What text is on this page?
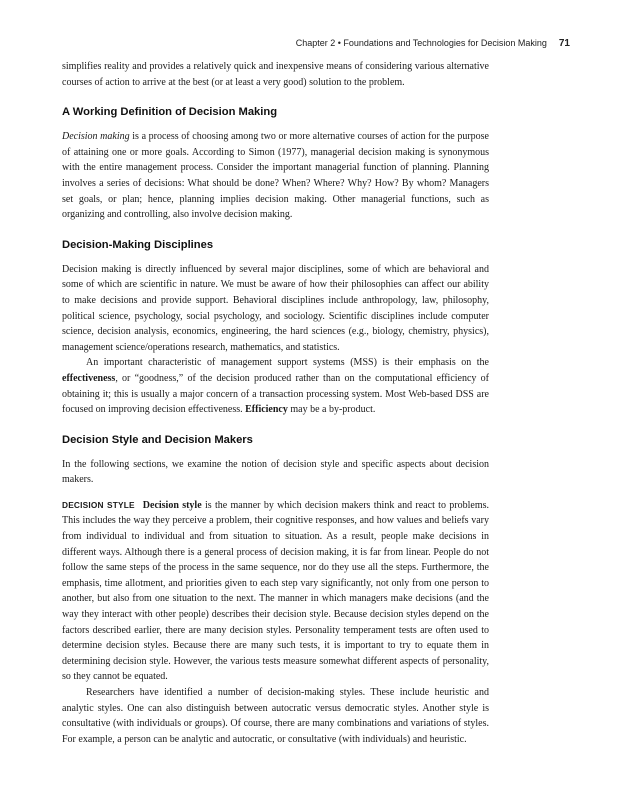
Chapter 2 • Foundations and Technologies for Decision Making 71

simplifies reality and provides a relatively quick and inexpensive means of considering various alternative courses of action to arrive at the best (or at least a very good) solution to the problem.

A Working Definition of Decision Making

Decision making is a process of choosing among two or more alternative courses of action for the purpose of attaining one or more goals. According to Simon (1977), managerial decision making is synonymous with the entire management process. Consider the important managerial function of planning. Planning involves a series of decisions: What should be done? When? Where? Why? How? By whom? Managers set goals, or plan; hence, planning implies decision making. Other managerial functions, such as organizing and controlling, also involve decision making.

Decision-Making Disciplines

Decision making is directly influenced by several major disciplines, some of which are behavioral and some of which are scientific in nature. We must be aware of how their philosophies can affect our ability to make decisions and provide support. Behavioral disciplines include anthropology, law, philosophy, political science, psychology, social psychology, and sociology. Scientific disciplines include computer science, decision analysis, economics, engineering, the hard sciences (e.g., biology, chemistry, physics), management science/operations research, mathematics, and statistics.

An important characteristic of management support systems (MSS) is their emphasis on the effectiveness, or “goodness,” of the decision produced rather than on the computational efficiency of obtaining it; this is usually a major concern of a transaction processing system. Most Web-based DSS are focused on improving decision effectiveness. Efficiency may be a by-product.

Decision Style and Decision Makers

In the following sections, we examine the notion of decision style and specific aspects about decision makers.

DECISION STYLE Decision style is the manner by which decision makers think and react to problems. This includes the way they perceive a problem, their cognitive responses, and how values and beliefs vary from individual to individual and from situation to situation. As a result, people make decisions in different ways. Although there is a general process of decision making, it is far from linear. People do not follow the same steps of the process in the same sequence, nor do they use all the steps. Furthermore, the emphasis, time allotment, and priorities given to each step vary significantly, not only from one person to another, but also from one situation to the next. The manner in which managers make decisions (and the way they interact with other people) describes their decision style. Because decision styles depend on the factors described earlier, there are many decision styles. Personality temperament tests are often used to determine decision styles. Because there are many such tests, it is important to try to equate them in determining decision style. However, the various tests measure somewhat different aspects of personality, so they cannot be equated.

Researchers have identified a number of decision-making styles. These include heuristic and analytic styles. One can also distinguish between autocratic versus democratic styles. Another style is consultative (with individuals or groups). Of course, there are many combinations and variations of styles. For example, a person can be analytic and autocratic, or consultative (with individuals) and heuristic.
